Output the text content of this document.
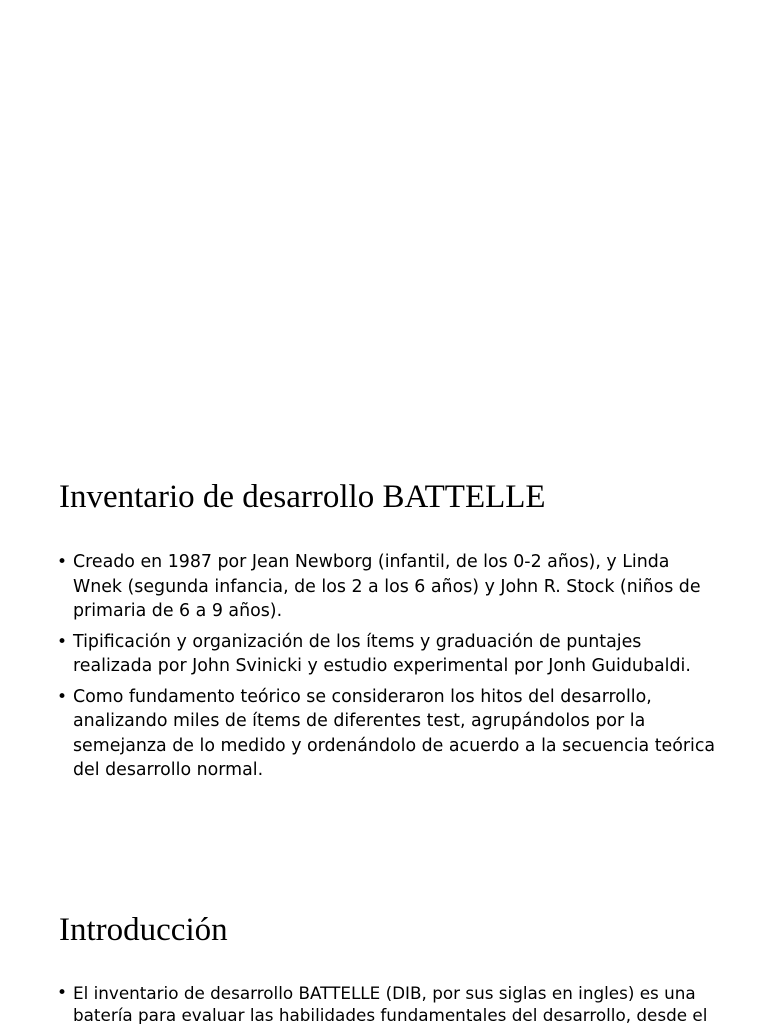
Inventario de desarrollo BATTELLE
• Creado en 1987 por Jean Newborg (infantil, de los 0-2 años), y Linda Wnek (segunda infancia, de los 2 a los 6 años) y John R. Stock (niños de primaria de 6 a 9 años).
• Tipificación y organización de los ítems y graduación de puntajes realizada por John Svinicki y estudio experimental por Jonh Guidubaldi.
• Como fundamento teórico se consideraron los hitos del desarrollo, analizando miles de ítems de diferentes test, agrupándolos por la semejanza de lo medido y ordenándolo de acuerdo a la secuencia teórica del desarrollo normal.
Introducción
• El inventario de desarrollo BATTELLE (DIB, por sus siglas en ingles) es una batería para evaluar las habilidades fundamentales del desarrollo, desde el
